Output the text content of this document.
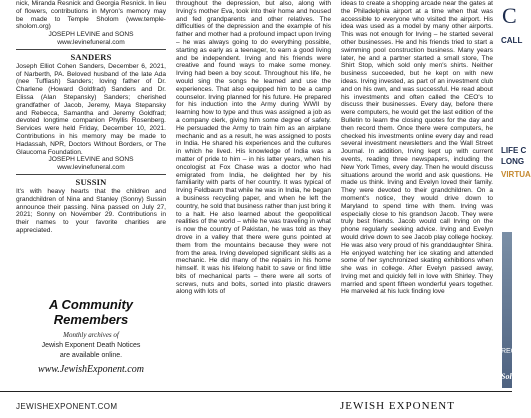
nick, Miranda Resnick and Georgia Resnick. In lieu of flowers, contributions in Myron's memory may be made to Temple Sholom (www.temple-sholom.org)

JOSEPH LEVINE and SONS

www.levinefuneral.com

SANDERS

Joseph Elliot Cohen Sanders, December 6, 2021, of Narberth, PA. Beloved husband of the late Ada (nee Tuffiash) Sanders; loving father of Dr. Charlene (Howard Goldfrad) Sanders and Dr. Elissa (Alan Stepansky) Sanders; cherished grandfather of Jacob, Jeremy, Maya Stepansky and Rebecca, Samantha and Jeremy Goldfrad; devoted longtime companion Phyllis Rosenberg. Services were held Friday, December 10, 2021. Contributions in his memory may be made to Hadassah, NPR, Doctors Without Borders, or The Glaucoma Foundation.

JOSEPH LEVINE and SONS

www.levinefuneral.com

SUSSIN

It's with heavy hearts that the children and grandchildren of Nina and Stanley (Sonny) Sussin announce their passing. Nina passed on July 27, 2021; Sonny on November 29. Contributions in their names to your favorite charities are appreciated.

A Community
Remembers
Monthly archives of
Jewish Exponent Death Notices
are available online.
www.JewishExponent.com

throughout the depression, but also, along with Irving's mother Eva, took into their home and housed and fed grandparents and other relatives. The difficulties of the depression and the example of his father and mother had a profound impact upon Irving – he was always going to do everything possible, starting as early as a teenager, to earn a good living and be independent. Irving and his friends were creative and found ways to make some money. Irving had been a boy scout. Throughout his life, he would sing the songs he learned and use the experiences. That also equipped him to be a camp counselor. Irving planned for his future. He prepared for his induction into the Army during WWII by learning how to type and thus was assigned a job as a company clerk, giving him some degree of safety. He persuaded the Army to train him as an airplane mechanic and as a result, he was assigned to posts in India. He shared his experiences and the cultures in which he lived. His knowledge of India was a matter of pride to him – in his latter years, when his oncologist at Fox Chase was a doctor who had emigrated from India, he delighted her by his familiarity with parts of her country. It was typical of Irving Feldbaum that while he was in India, he began a business recycling paper, and when he left the country, he sold that business rather than just bring it to a halt. He also learned about the geopolitical realities of the world – while he was traveling in what is now the country of Pakistan, he was told as they drove in a valley that there were guns pointed at them from the mountains because they were not from the area. Irving developed significant skills as a mechanic. He did many of the repairs in his home himself. It was his lifelong habit to save or find little bits of mechanical parts – there were all sorts of screws, nuts and bolts, sorted into plastic drawers along with lots of

ideas to create a shopping arcade near the gates at the Philadelphia airport at a time when that was accessible to everyone who visited the airport. His idea was used as a model by many other airports. This was not enough for Irving – he started several other businesses. He and his friends tried to start a swimming pool construction business. Many years later, he and a partner started a small store, The Shirt Stop, which sold only men's shirts. Neither business succeeded, but he kept on with new ideas. Irving invested, as part of an investment club and on his own, and was successful. He read about his investments and often called the CEO's to discuss their businesses. Every day, before there were computers, he would get the last edition of the Bulletin to learn the closing quotes for the day and then record them. Once there were computers, he checked his investments online every day and read several investment newsletters and the Wall Street Journal. In addition, Irving kept up with current events, reading three newspapers, including the New York Times, every day. Then he would discuss situations around the world and ask questions. He made us think. Irving and Evelyn loved their family. They were devoted to their grandchildren. On a moment's notice, they would drive down to Maryland to spend time with them. Irving was especially close to his grandson Jacob. They were truly best friends. Jacob would call Irving on the phone regularly seeking advice. Irving and Evelyn would drive down to see Jacob play college hockey. He was also very proud of his granddaughter Shira. He enjoyed watching her ice skating and attended some of her synchronized skating exhibitions when she was in college. After Evelyn passed away, Irving met and quickly fell in love with Shirley. They married and spent fifteen wonderful years together. He marveled at his luck finding love

C
CALL
LIFE C
LONG
VIRTUA
REQUES
Solving
JEWISHEXPONENT.COM	JEWISH EXPONENT
